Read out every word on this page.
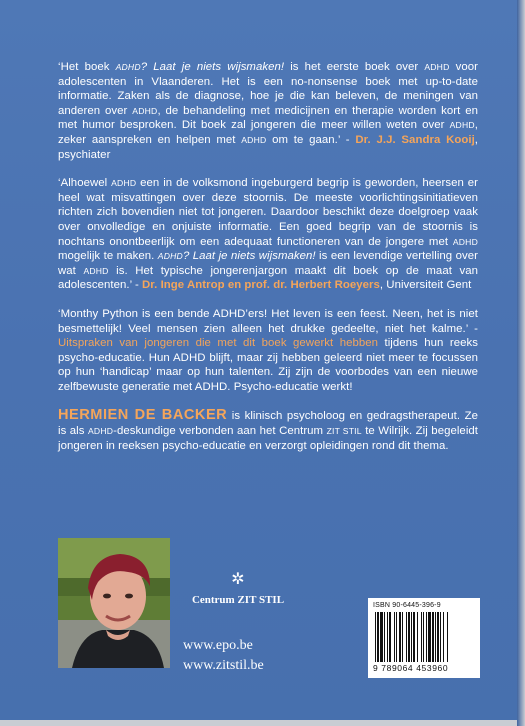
‘Het boek ADHD? Laat je niets wijsmaken! is het eerste boek over ADHD voor adolescenten in Vlaanderen. Het is een no-nonsense boek met up-to-date informatie. Zaken als de diagnose, hoe je die kan beleven, de meningen van anderen over ADHD, de behandeling met medicijnen en therapie worden kort en met humor besproken. Dit boek zal jongeren die meer willen weten over ADHD, zeker aanspreken en helpen met ADHD om te gaan.’ - Dr. J.J. Sandra Kooij, psychiater

‘Alhoewel ADHD een in de volksmond ingeburgerd begrip is geworden, heersen er heel wat misvattingen over deze stoornis. De meeste voorlichtingsinitiatieven richten zich bovendien niet tot jongeren. Daardoor beschikt deze doelgroep vaak over onvolledige en onjuiste informatie. Een goed begrip van de stoornis is nochtans onontbeerlijk om een adequaat functioneren van de jongere met ADHD mogelijk te maken. ADHD? Laat je niets wijsmaken! is een levendige vertelling over wat ADHD is. Het typische jongerenjargon maakt dit boek op de maat van adolescenten.’ - Dr. Inge Antrop en prof. dr. Herbert Roeyers, Universiteit Gent

‘Monthy Python is een bende ADHD’ers! Het leven is een feest. Neen, het is niet besmettelijk! Veel mensen zien alleen het drukke gedeelte, niet het kalme.’ - Uitspraken van jongeren die met dit boek gewerkt hebben tijdens hun reeks psycho-educatie. Hun ADHD blijft, maar zij hebben geleerd niet meer te focussen op hun ‘handicap’ maar op hun talenten. Zij zijn de voorbodes van een nieuwe zelfbewuste generatie met ADHD. Psycho-educatie werkt!

HERMIEN DE BACKER is klinisch psycholoog en gedragstherapeut. Ze is als ADHD-deskundige verbonden aan het Centrum ZIT STIL te Wilrijk. Zij begeleidt jongeren in reeksen psycho-educatie en verzorgt opleidingen rond dit thema.

✲
Centrum ZIT STIL
www.epo.be
www.zitstil.be
ISBN 90-6445-396-9
9 789064 453960
